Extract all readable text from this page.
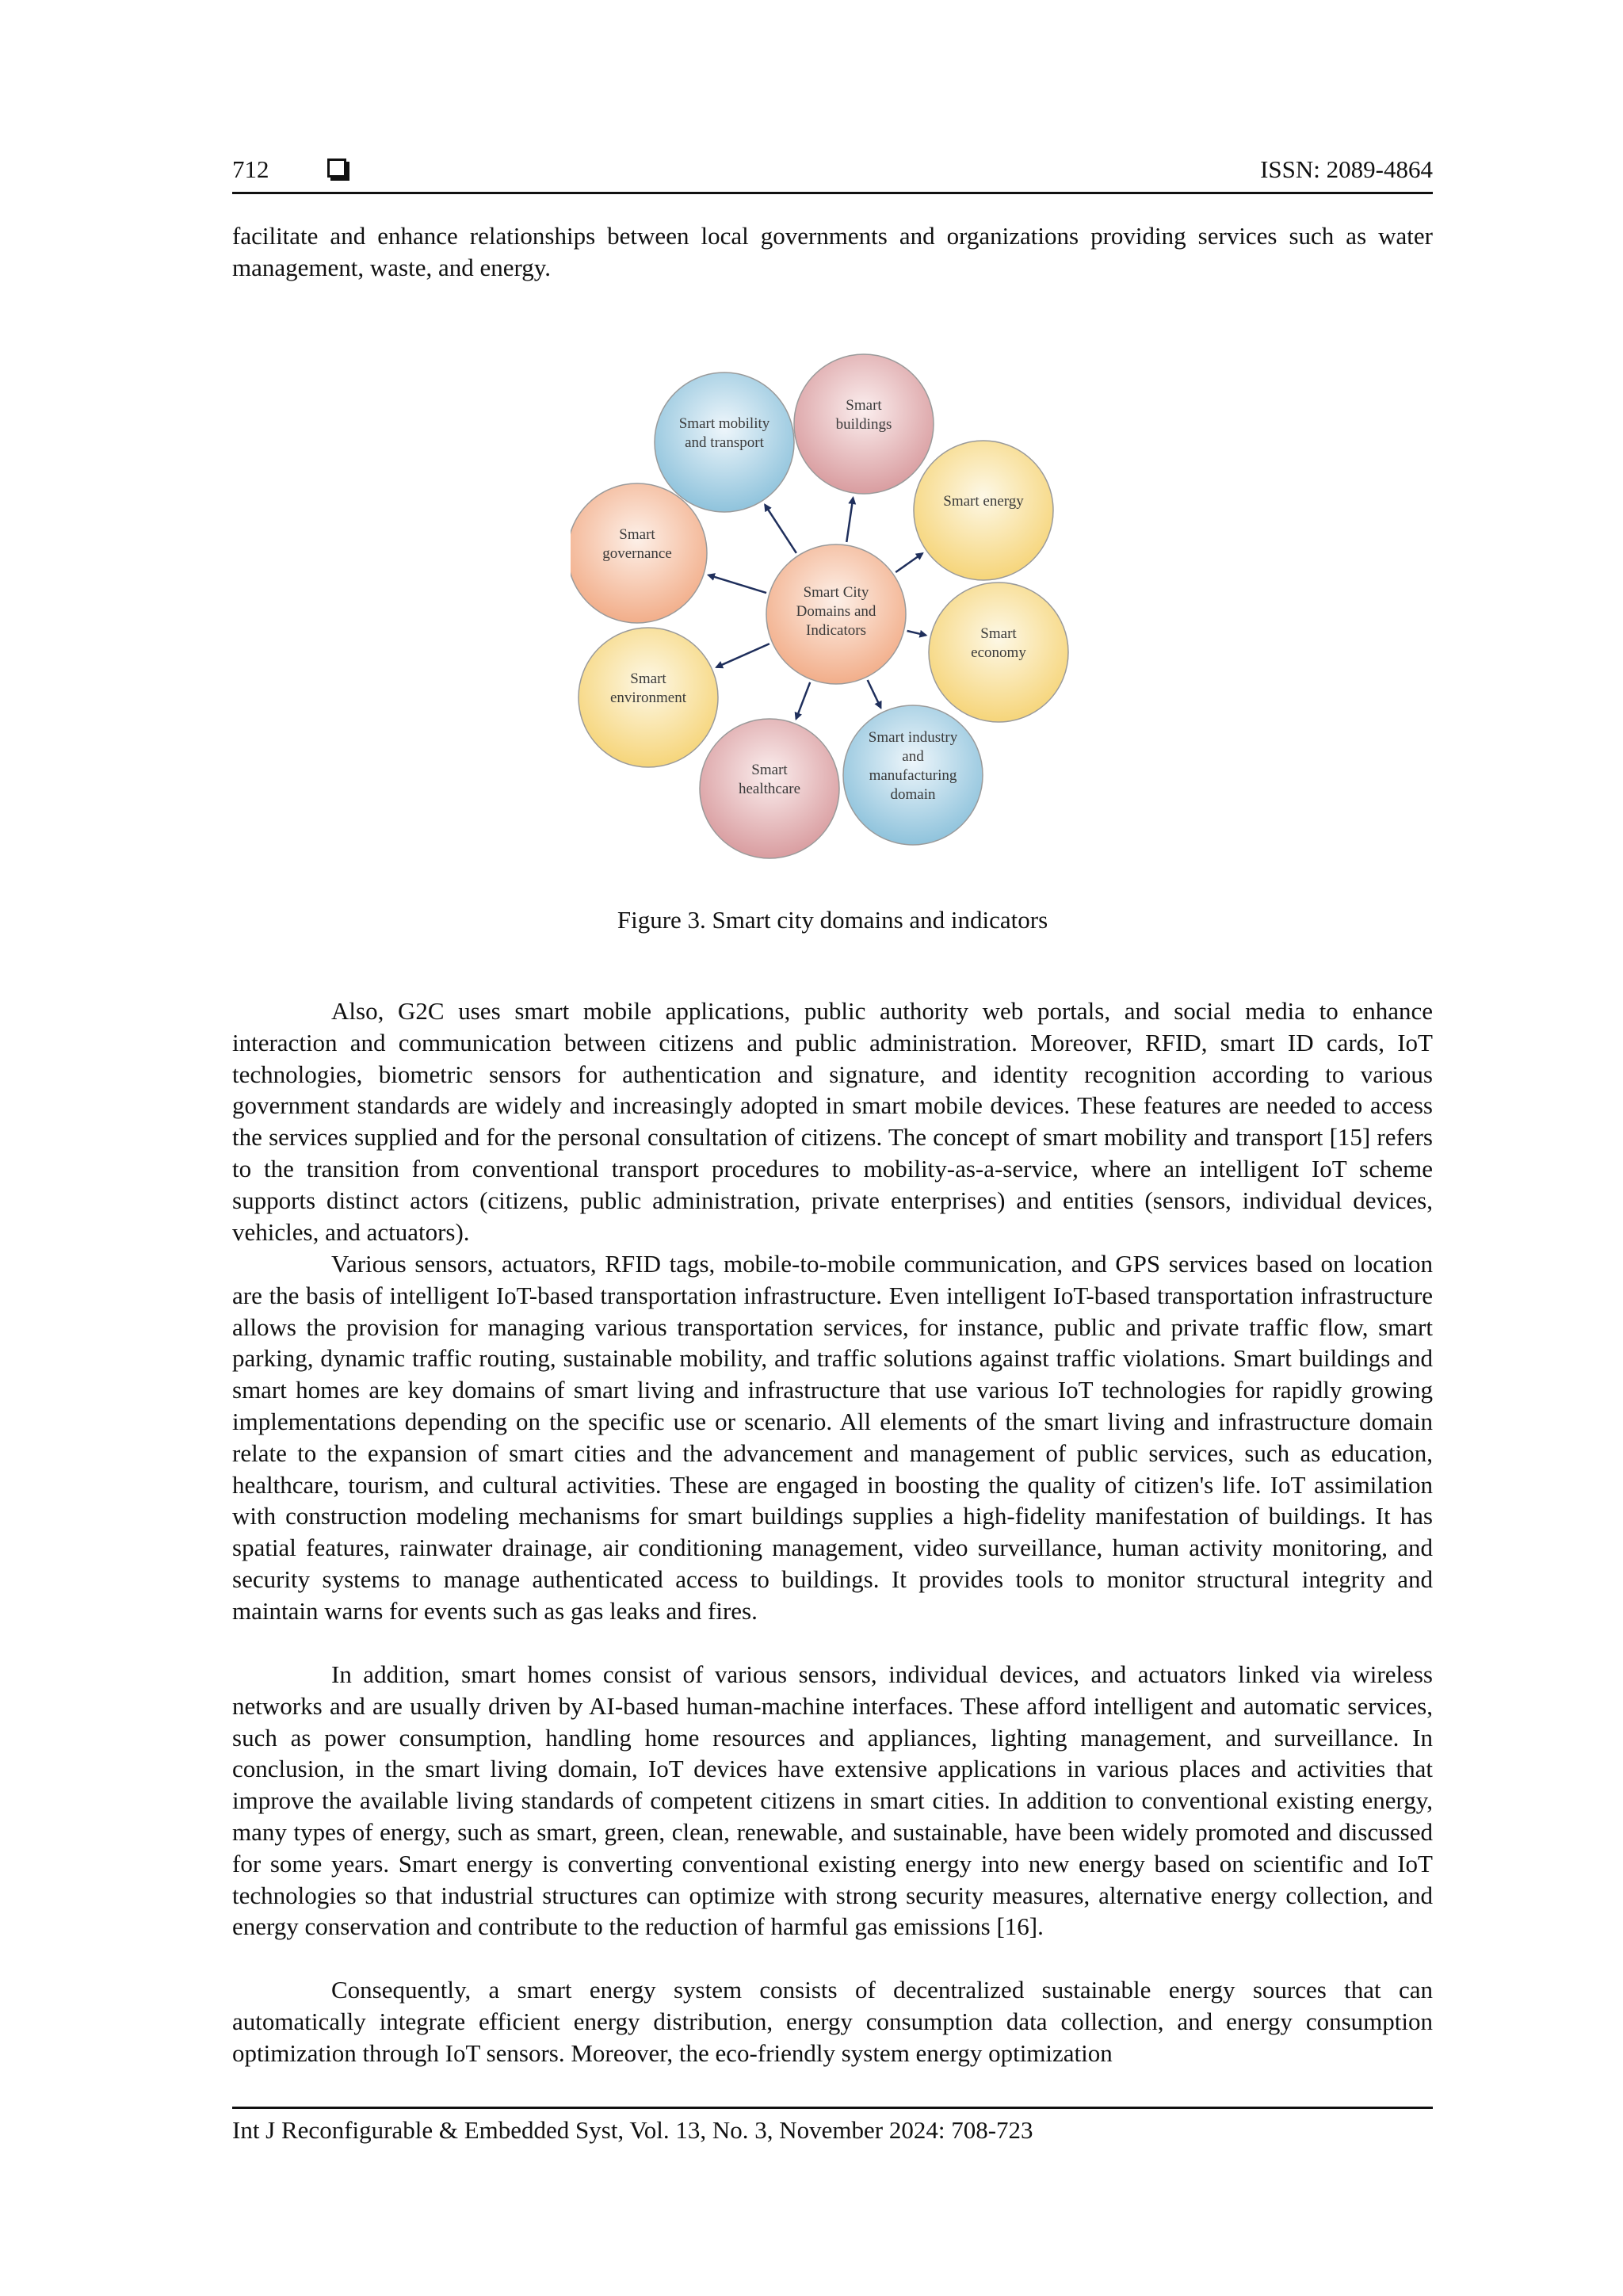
712	ISSN: 2089-4864

facilitate and enhance relationships between local governments and organizations providing services such as water management, waste, and energy.

Smart mobility
and transport
Smart
buildings
Smart energy
Smart
economy
Smart industry
and
manufacturing
domain
Smart
healthcare
Smart
environment
Smart
governance
Smart City
Domains and
Indicators
Figure 3. Smart city domains and indicators

Also, G2C uses smart mobile applications, public authority web portals, and social media to enhance interaction and communication between citizens and public administration. Moreover, RFID, smart ID cards, IoT technologies, biometric sensors for authentication and signature, and identity recognition according to various government standards are widely and increasingly adopted in smart mobile devices. These features are needed to access the services supplied and for the personal consultation of citizens. The concept of smart mobility and transport [15] refers to the transition from conventional transport procedures to mobility-as-a-service, where an intelligent IoT scheme supports distinct actors (citizens, public administration, private enterprises) and entities (sensors, individual devices, vehicles, and actuators).

Various sensors, actuators, RFID tags, mobile-to-mobile communication, and GPS services based on location are the basis of intelligent IoT-based transportation infrastructure. Even intelligent IoT-based transportation infrastructure allows the provision for managing various transportation services, for instance, public and private traffic flow, smart parking, dynamic traffic routing, sustainable mobility, and traffic solutions against traffic violations. Smart buildings and smart homes are key domains of smart living and infrastructure that use various IoT technologies for rapidly growing implementations depending on the specific use or scenario. All elements of the smart living and infrastructure domain relate to the expansion of smart cities and the advancement and management of public services, such as education, healthcare, tourism, and cultural activities. These are engaged in boosting the quality of citizen's life. IoT assimilation with construction modeling mechanisms for smart buildings supplies a high-fidelity manifestation of buildings. It has spatial features, rainwater drainage, air conditioning management, video surveillance, human activity monitoring, and security systems to manage authenticated access to buildings. It provides tools to monitor structural integrity and maintain warns for events such as gas leaks and fires.

In addition, smart homes consist of various sensors, individual devices, and actuators linked via wireless networks and are usually driven by AI-based human-machine interfaces. These afford intelligent and automatic services, such as power consumption, handling home resources and appliances, lighting management, and surveillance. In conclusion, in the smart living domain, IoT devices have extensive applications in various places and activities that improve the available living standards of competent citizens in smart cities. In addition to conventional existing energy, many types of energy, such as smart, green, clean, renewable, and sustainable, have been widely promoted and discussed for some years. Smart energy is converting conventional existing energy into new energy based on scientific and IoT technologies so that industrial structures can optimize with strong security measures, alternative energy collection, and energy conservation and contribute to the reduction of harmful gas emissions [16].

Consequently, a smart energy system consists of decentralized sustainable energy sources that can automatically integrate efficient energy distribution, energy consumption data collection, and energy consumption optimization through IoT sensors. Moreover, the eco-friendly system energy optimization

Int J Reconfigurable & Embedded Syst, Vol. 13, No. 3, November 2024: 708-723
